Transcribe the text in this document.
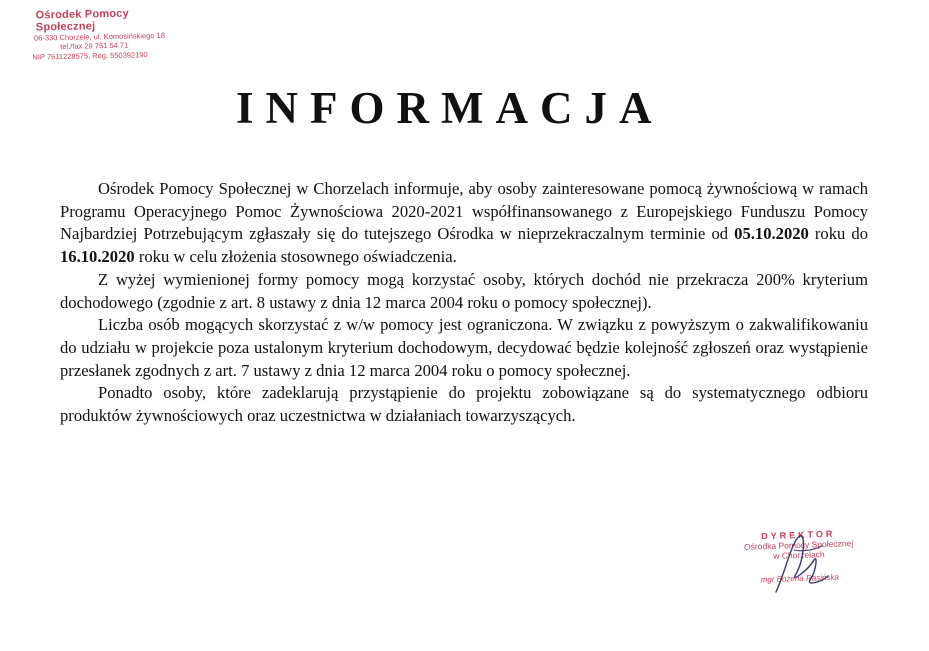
Ośrodek Pomocy Społecznej
06-330 Chorzele, ul. Komosińskiego 18
tel./fax 29 751 54 71
NIP 7611228575, Reg. 550392190
INFORMACJA

Ośrodek Pomocy Społecznej w Chorzelach informuje, aby osoby zainteresowane pomocą żywnościową w ramach Programu Operacyjnego Pomoc Żywnościowa 2020-2021 współfinansowanego z Europejskiego Funduszu Pomocy Najbardziej Potrzebującym zgłaszały się do tutejszego Ośrodka w nieprzekraczalnym terminie od 05.10.2020 roku do 16.10.2020 roku w celu złożenia stosownego oświadczenia.

Z wyżej wymienionej formy pomocy mogą korzystać osoby, których dochód nie przekracza 200% kryterium dochodowego (zgodnie z art. 8 ustawy z dnia 12 marca 2004 roku o pomocy społecznej).

Liczba osób mogących skorzystać z w/w pomocy jest ograniczona. W związku z powyższym o zakwalifikowaniu do udziału w projekcie poza ustalonym kryterium dochodowym, decydować będzie kolejność zgłoszeń oraz wystąpienie przesłanek zgodnych z art. 7 ustawy z dnia 12 marca 2004 roku o pomocy społecznej.

Ponadto osoby, które zadeklarują przystąpienie do projektu zobowiązane są do systematycznego odbioru produktów żywnościowych oraz uczestnictwa w działaniach towarzyszących.

DYREKTOR
Ośrodka Pomocy Społecznej
w Chorzelach
mgr Bożena Rasińska
